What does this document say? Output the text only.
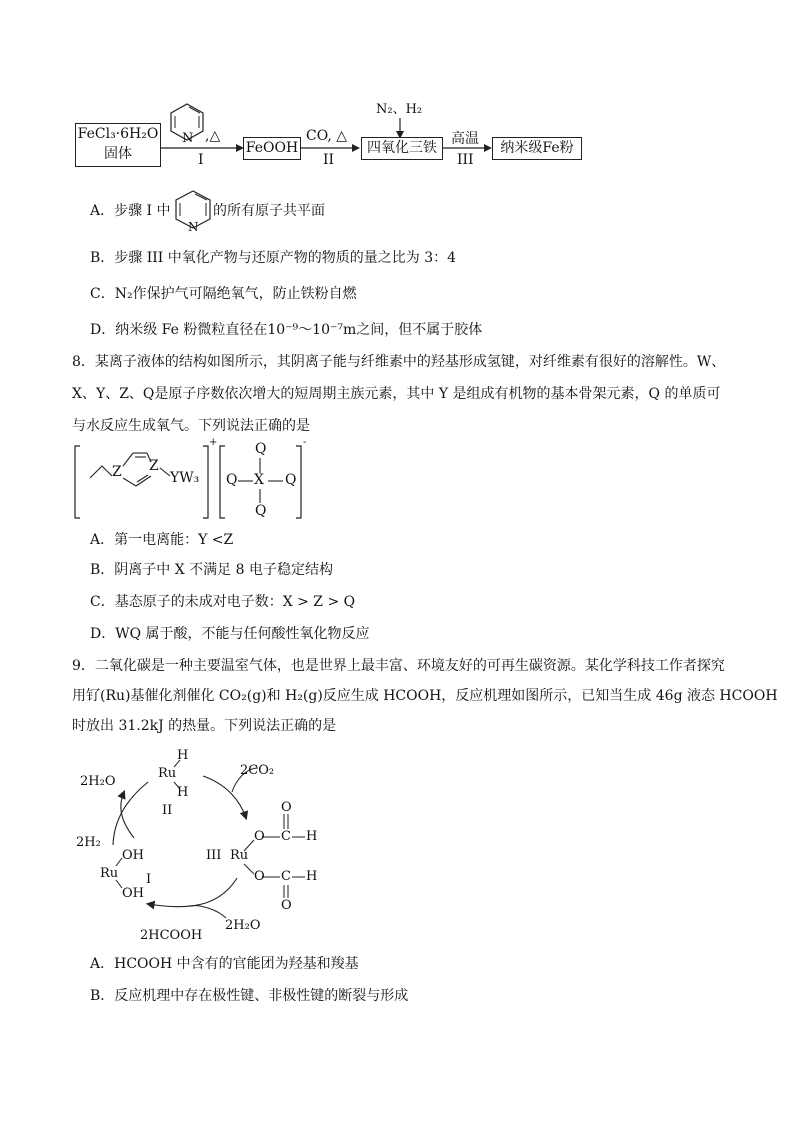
FeCl₃·6H₂O
固体
N ,△
I
FeOOH
CO, △
II
N₂、H₂
四氧化三铁
高温
III
纳米级Fe粉
A．步骤 I 中
N
的所有原子共平面
B．步骤 III 中氧化产物与还原产物的物质的量之比为 3：4
C．N₂作保护气可隔绝氧气，防止铁粉自燃
D．纳米级 Fe 粉微粒直径在10⁻⁹～10⁻⁷m之间，但不属于胶体
8．某离子液体的结构如图所示，其阴离子能与纤维素中的羟基形成氢键，对纤维素有很好的溶解性。W、
X、Y、Z、Q是原子序数依次增大的短周期主族元素，其中 Y 是组成有机物的基本骨架元素，Q 的单质可
与水反应生成氧气。下列说法正确的是
Z Z
YW₃
+	Q
Q X Q
Q
-
A．第一电离能：Y <Z
B．阴离子中 X 不满足 8 电子稳定结构
C．基态原子的未成对电子数：X > Z > Q
D．WQ 属于酸，不能与任何酸性氧化物反应
9．二氧化碳是一种主要温室气体，也是世界上最丰富、环境友好的可再生碳资源。某化学科技工作者探究
用钌(Ru)基催化剂催化 CO₂(g)和 H₂(g)反应生成 HCOOH，反应机理如图所示，已知当生成 46g 液态 HCOOH
时放出 31.2kJ 的热量。下列说法正确的是
2H₂O
H
Ru
H
II
2CO₂
O
O C H
III Ru
O C H
O
2H₂
OH
Ru I
OH
2HCOOH
2H₂O
A．HCOOH 中含有的官能团为羟基和羧基
B．反应机理中存在极性键、非极性键的断裂与形成
